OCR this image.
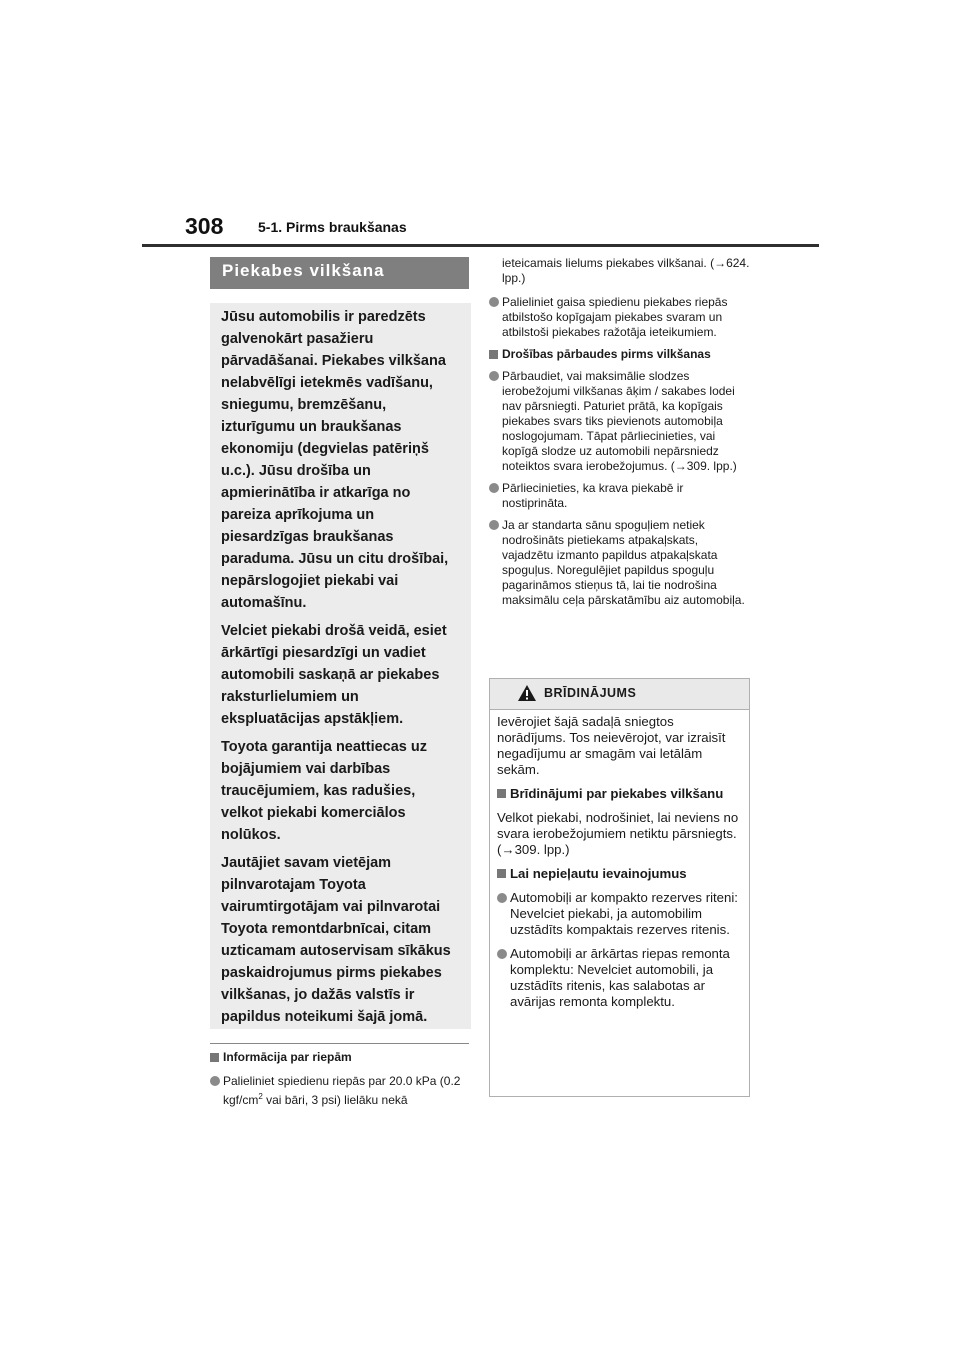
308 5-1. Pirms braukšanas
Piekabes vilkšana

Jūsu automobilis ir paredzēts galvenokārt pasažieru pārvadāšanai. Piekabes vilkšana nelabvēlīgi ietekmēs vadīšanu, sniegumu, bremzēšanu, izturīgumu un braukšanas ekonomiju (degvielas patēriņš u.c.). Jūsu drošība un apmierinātība ir atkarīga no pareiza aprīkojuma un piesardzīgas braukšanas paraduma. Jūsu un citu drošībai, nepārslogojiet piekabi vai automašīnu.

Velciet piekabi drošā veidā, esiet ārkārtīgi piesardzīgi un vadiet automobili saskaņā ar piekabes raksturlielumiem un ekspluatācijas apstākļiem.

Toyota garantija neattiecas uz bojājumiem vai darbības traucējumiem, kas radušies, velkot piekabi komerciālos nolūkos.

Jautājiet savam vietējam pilnvarotajam Toyota vairumtirgotājam vai pilnvarotai Toyota remontdarbnīcai, citam uzticamam autoservisam sīkākus paskaidrojumus pirms piekabes vilkšanas, jo dažās valstīs ir papildus noteikumi šajā jomā.

Informācija par riepām
Palieliniet spiedienu riepās par 20.0 kPa (0.2 kgf/$cm^2$ vai bāri, 3 psi) lielāku nekā
ieteicamais lielums piekabes vilkšanai. (→624. lpp.)
Palieliniet gaisa spiedienu piekabes riepās atbilstošo kopīgajam piekabes svaram un atbilstoši piekabes ražotāja ieteikumiem.
Drošības pārbaudes pirms vilkšanas
Pārbaudiet, vai maksimālie slodzes ierobežojumi vilkšanas āķim / sakabes lodei nav pārsniegti. Paturiet prātā, ka kopīgais piekabes svars tiks pievienots automobiļa noslogojumam. Tāpat pārliecinieties, vai kopīgā slodze uz automobili nepārsniedz noteiktos svara ierobežojumus. (→309. lpp.)
Pārliecinieties, ka krava piekabē ir nostiprināta.
Ja ar standarta sānu spoguļiem netiek nodrošināts pietiekams atpakaļskats, vajadzētu izmanto papildus atpakaļskata spoguļus. Noregulējiet papildus spoguļu pagarināmos stieņus tā, lai tie nodrošina maksimālu ceļa pārskatāmību aiz automobiļa.
BRĪDINĀJUMS
Ievērojiet šajā sadaļā sniegtos norādījums. Tos neievērojot, var izraisīt negadījumu ar smagām vai letālām sekām.
Brīdinājumi par piekabes vilkšanu
Velkot piekabi, nodrošiniet, lai neviens no svara ierobežojumiem netiktu pārsniegts. (→309. lpp.)
Lai nepieļautu ievainojumus
Automobiļi ar kompakto rezerves riteni: Nevelciet piekabi, ja automobilim uzstādīts kompaktais rezerves ritenis.
Automobiļi ar ārkārtas riepas remonta komplektu: Nevelciet automobili, ja uzstādīts ritenis, kas salabotas ar avārijas remonta komplektu.
